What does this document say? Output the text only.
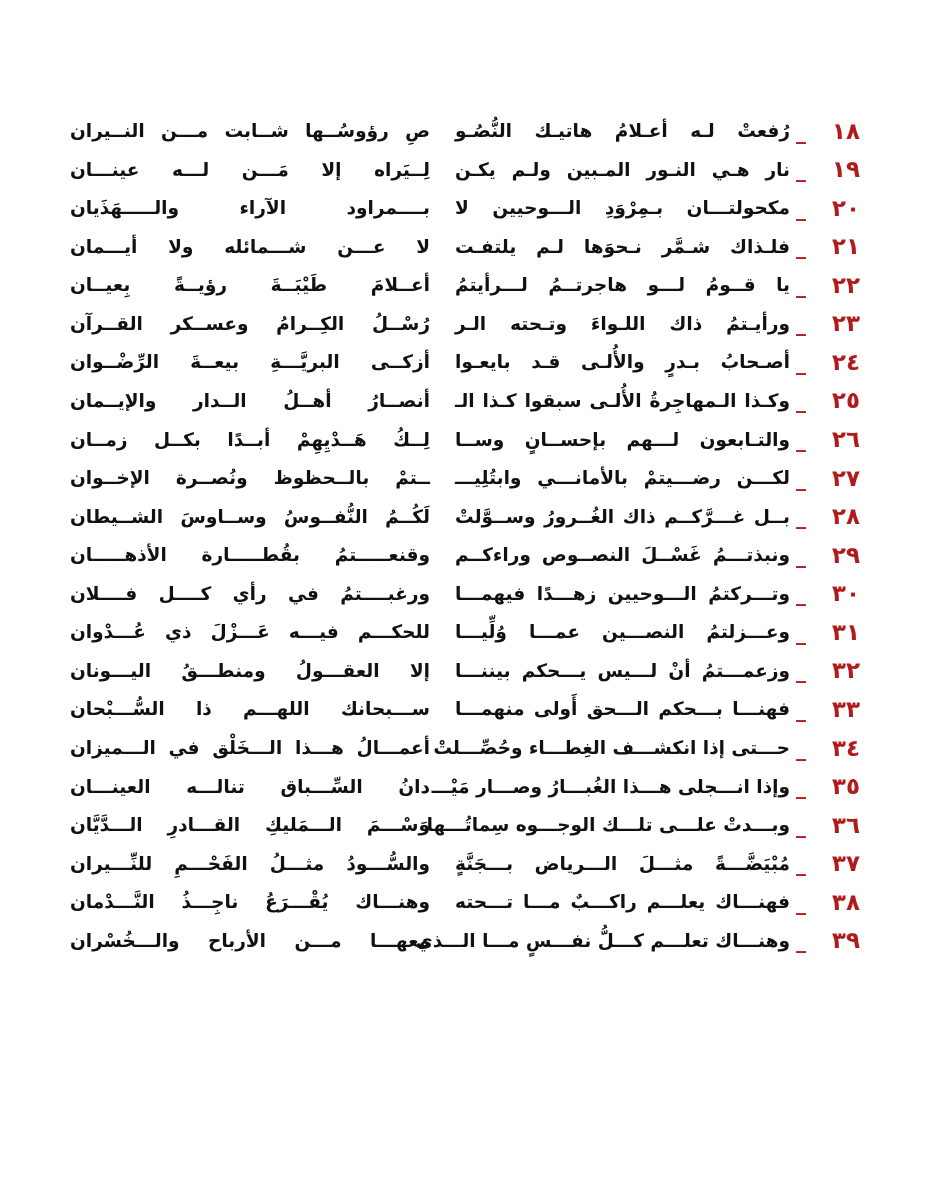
١٨
_
رُفعتْ لـه أعـلامُ هاتيـك النُّصُـو
صِ رؤوسُــها شــابت مـــن النــيران
١٩
_
نار هـي النـور المـبين ولـم يكـن
لِــيَراه إلا مَـــن لـــه عينـــان
٢٠
_
مكحولتـــان بـمِرْوَدِ الـــوحيين لا
بــــمراود الآراء والـــــهَذَيان
٢١
_
فلـذاك شـمَّر نـحوَها لـم يلتفـت
لا عـــن شـــمائله ولا أيـــمان
٢٢
_
يا قــومُ لـــو هاجرتــمُ لـــرأيتمُ
أعــلامَ طَيْبَــةَ رؤيــةً بِعيــان
٢٣
_
ورأيـتمُ ذاك اللـواءَ وتـحته الـر
رُسْــلُ الكِــرامُ وعســكر القــرآن
٢٤
_
أصـحابُ بـدرٍ والأُلـى قـد بايعـوا
أزكــى البريَّـــةِ بيعــةَ الرِّضْــوان
٢٥
_
وكـذا الـمهاجِرةُ الأُلـى سبقوا كـذا الـ
أنصــارُ أهــلُ الــدار والإيــمان
٢٦
_
والتـابعون لـــهم بإحســانٍ وســا
لِــكُ هَــدْيِهِمْ أبــدًا بكــل زمــان
٢٧
_
لكـــن رضـــيتمْ بالأمانـــي وابتُلِيـــ
ــتمْ بالــحظوظ ونُصــرة الإخــوان
٢٨
_
بــل غـــرَّكــم ذاك الغُــرورُ وســوَّلتْ
لَكُــمُ النُّفــوسُ وســاوسَ الشــيطان
٢٩
_
ونبذتـــمُ غَسْــلَ النصــوص وراءكــم
وقنعـــــتمُ بقُطـــــارة الأذهـــــان
٣٠
_
وتـــركتمُ الـــوحيين زهـــدًا فيهمـــا
ورغبــــتمُ في رأي كــــل فــــلان
٣١
_
وعـــزلتمُ النصـــين عمـــا وُلِّيـــا
للحكـــم فيـــه عَـــزْلَ ذي عُـــدْوان
٣٢
_
وزعمـــتمُ أنْ لـــيس يـــحكم بيننـــا
إلا العقـــولُ ومنطـــقُ اليـــونان
٣٣
_
فهنـــا بـــحكم الـــحق أَولى منهمـــا
ســـبحانك اللهـــم ذا السُّـــبْحان
٣٤
_
حـــتى إذا انكشـــف الغِطـــاء وحُصِّـــلتْ
أعمـــالُ هـــذا الـــخَلْق في الـــميزان
٣٥
_
وإذا انـــجلى هـــذا الغُبـــارُ وصـــار مَيْـــ
دانُ السِّـــباق تنالـــه العينـــان
٣٦
_
وبـــدتْ علـــى تلـــك الوجـــوه سِماتُـــها
وَسْـــمَ الـــمَليكِ القـــادرِ الـــدَّيَّان
٣٧
_
مُبْيَضَّـــةً مثـــلَ الـــرياض بـــجَنَّةٍ
والسُّـــودُ مثـــلُ الفَحْـــمِ للنِّـــيران
٣٨
_
فهنـــاك يعلـــم راكـــبٌ مـــا تـــحته
وهنـــاك يُقْـــرَعُ ناجِـــذُ النَّـــدْمان
٣٩
_
وهنـــاك تعلـــم كـــلُّ نفـــسٍ مـــا الـــذي
معهـــا مـــن الأرباح والـــخُسْران
